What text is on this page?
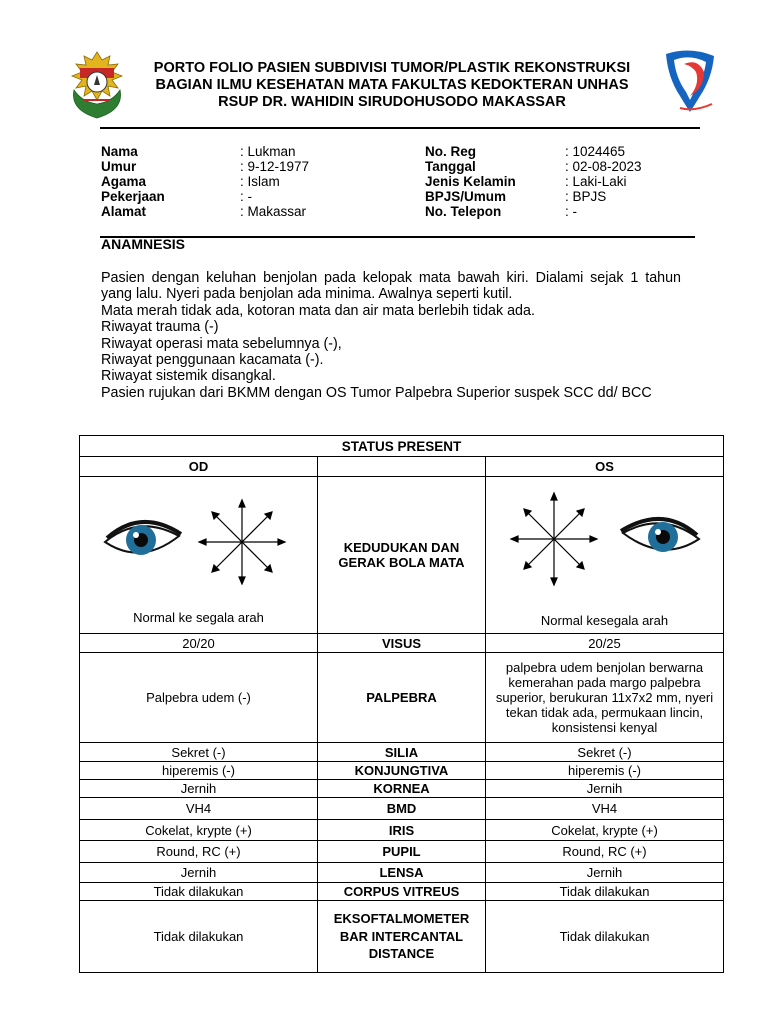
PORTO FOLIO PASIEN SUBDIVISI TUMOR/PLASTIK REKONSTRUKSI
BAGIAN ILMU KESEHATAN MATA FAKULTAS KEDOKTERAN UNHAS
RSUP DR. WAHIDIN SIRUDOHUSODO MAKASSAR
Nama	: Lukman
Umur	: 9-12-1977
Agama	: Islam
Pekerjaan	: -
Alamat	: Makassar
No. Reg	: 1024465
Tanggal	: 02-08-2023
Jenis Kelamin	: Laki-Laki
BPJS/Umum	: BPJS
No. Telepon	: -
ANAMNESIS

Pasien dengan keluhan benjolan pada kelopak mata bawah kiri. Dialami sejak 1 tahun yang lalu. Nyeri pada benjolan ada minima. Awalnya seperti kutil.

Mata merah tidak ada, kotoran mata dan air mata berlebih tidak ada.

Riwayat trauma (-)

Riwayat operasi mata sebelumnya (-),

Riwayat penggunaan kacamata (-).

Riwayat sistemik disangkal.

Pasien rujukan dari BKMM dengan OS Tumor Palpebra Superior suspek SCC dd/ BCC

STATUS PRESENT		
OD		OS

Normal ke segala arah	KEDUDUKAN DAN GERAK BOLA MATA	Normal kesegala arah

20/20	VISUS	20/25
Palpebra udem (-)	PALPEBRA	palpebra udem benjolan berwarna kemerahan pada margo palpebra superior, berukuran 11x7x2 mm, nyeri tekan tidak ada, permukaan lincin, konsistensi kenyal
Sekret (-)	SILIA	Sekret (-)
hiperemis (-)	KONJUNGTIVA	hiperemis (-)
Jernih	KORNEA	Jernih
VH4	BMD	VH4
Cokelat, krypte (+)	IRIS	Cokelat, krypte (+)
Round, RC (+)	PUPIL	Round, RC (+)
Jernih	LENSA	Jernih
Tidak dilakukan	CORPUS VITREUS	Tidak dilakukan
Tidak dilakukan	EKSOFTALMOMETER BAR INTERCANTAL DISTANCE	Tidak dilakukan
